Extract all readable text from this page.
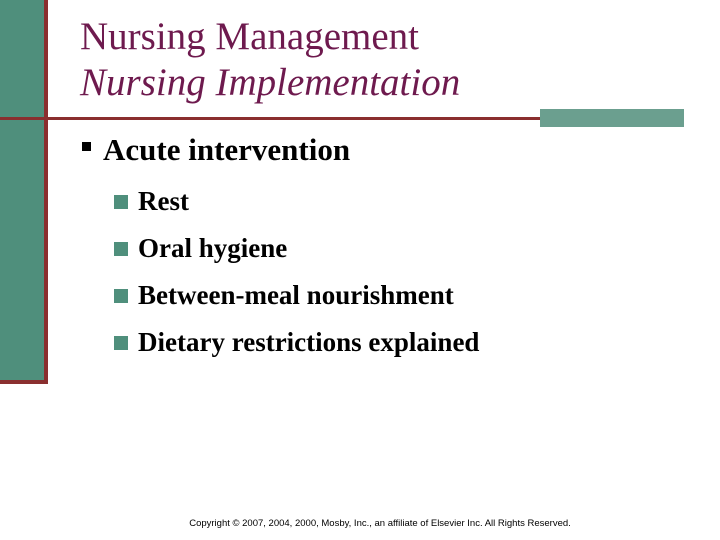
Nursing Management
Nursing Implementation
Acute intervention
Rest
Oral hygiene
Between-meal nourishment
Dietary restrictions explained
Copyright © 2007, 2004, 2000, Mosby, Inc., an affiliate of Elsevier Inc. All Rights Reserved.
